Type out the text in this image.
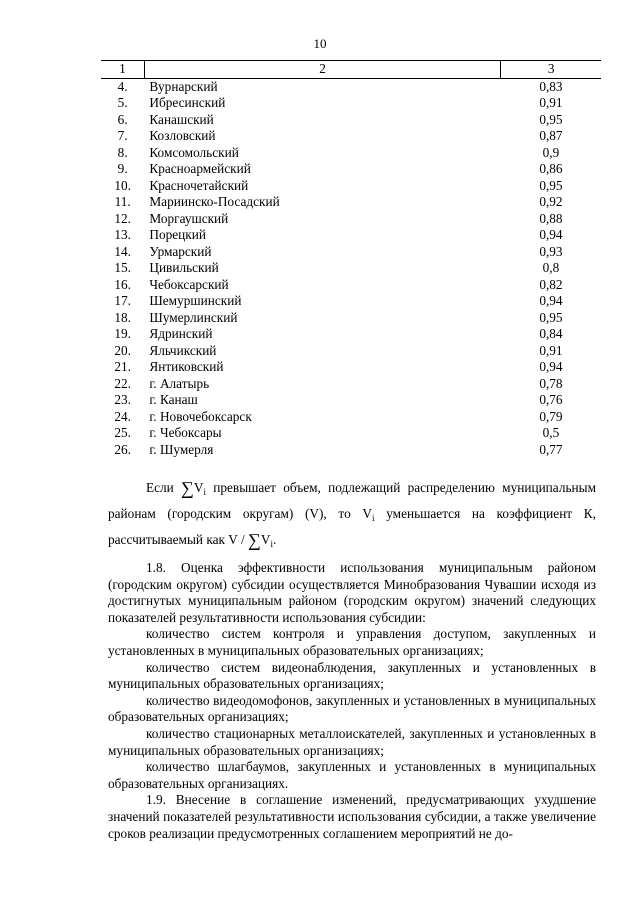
10
1	2	3
4.	Вурнарский	0,83
5.	Ибресинский	0,91
6.	Канашский	0,95
7.	Козловский	0,87
8.	Комсомольский	0,9
9.	Красноармейский	0,86
10.	Красночетайский	0,95
11.	Мариинско-Посадский	0,92
12.	Моргаушский	0,88
13.	Порецкий	0,94
14.	Урмарский	0,93
15.	Цивильский	0,8
16.	Чебоксарский	0,82
17.	Шемуршинский	0,94
18.	Шумерлинский	0,95
19.	Ядринский	0,84
20.	Яльчикский	0,91
21.	Янтиковский	0,94
22.	г. Алатырь	0,78
23.	г. Канаш	0,76
24.	г. Новочебоксарск	0,79
25.	г. Чебоксары	0,5
26.	г. Шумерля	0,77

Если $\sum V_i$ превышает объем, подлежащий распределению муниципальным районам (городским округам) (V), то $V_i$ уменьшается на коэффициент К, рассчитываемый как V / $\sum V_i$.

1.8. Оценка эффективности использования муниципальным районом (городским округом) субсидии осуществляется Минобразования Чувашии исходя из достигнутых муниципальным районом (городским округом) значений следующих показателей результативности использования субсидии:

количество систем контроля и управления доступом, закупленных и установленных в муниципальных образовательных организациях;

количество систем видеонаблюдения, закупленных и установленных в муниципальных образовательных организациях;

количество видеодомофонов, закупленных и установленных в муниципальных образовательных организациях;

количество стационарных металлоискателей, закупленных и установленных в муниципальных образовательных организациях;

количество шлагбаумов, закупленных и установленных в муниципальных образовательных организациях.

1.9. Внесение в соглашение изменений, предусматривающих ухудшение значений показателей результативности использования субсидии, а также увеличение сроков реализации предусмотренных соглашением мероприятий не до-
